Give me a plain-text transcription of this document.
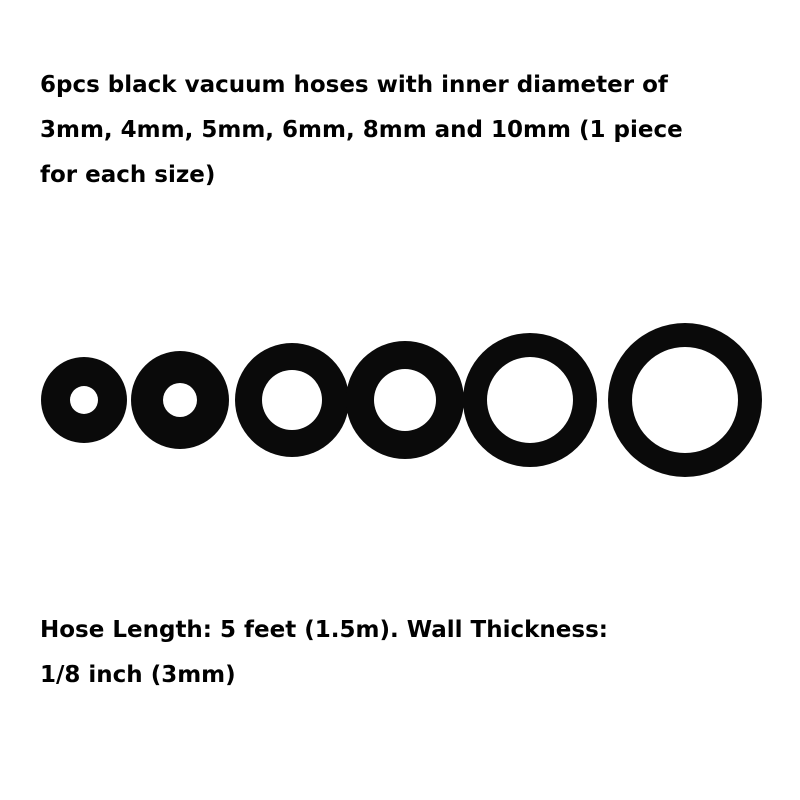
6pcs black vacuum hoses with inner diameter of
3mm, 4mm, 5mm, 6mm, 8mm and 10mm (1 piece
for each size)
Hose Length: 5 feet (1.5m). Wall Thickness:
1/8 inch (3mm)
